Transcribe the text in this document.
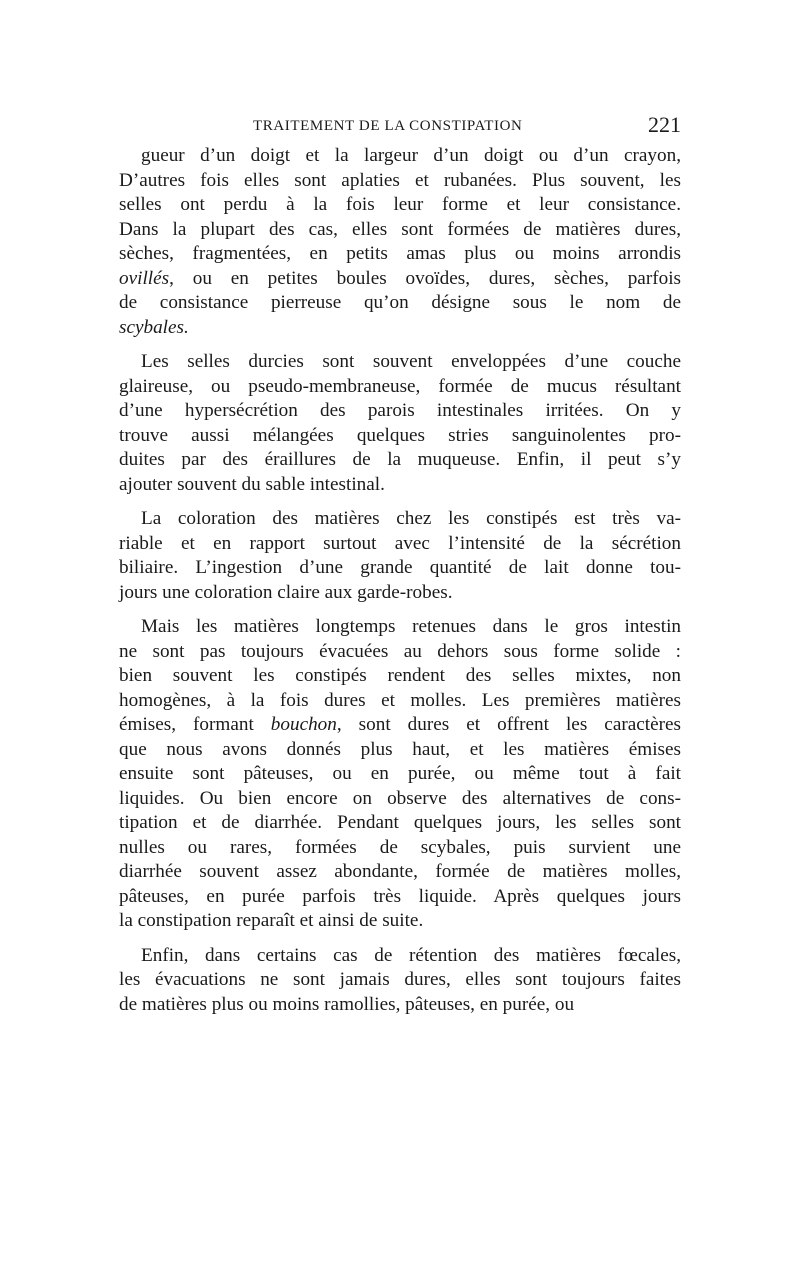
TRAITEMENT DE LA CONSTIPATION	221
gueur d’un doigt et la largeur d’un doigt ou d’un crayon,
D’autres fois elles sont aplaties et rubanées. Plus souvent, les
selles ont perdu à la fois leur forme et leur consistance.
Dans la plupart des cas, elles sont formées de matières dures,
sèches, fragmentées, en petits amas plus ou moins arrondis
ovillés, ou en petites boules ovoïdes, dures, sèches, parfois
de consistance pierreuse qu’on désigne sous le nom de
scybales.
Les selles durcies sont souvent enveloppées d’une couche
glaireuse, ou pseudo-membraneuse, formée de mucus résultant
d’une hypersécrétion des parois intestinales irritées. On y
trouve aussi mélangées quelques stries sanguinolentes pro-
duites par des éraillures de la muqueuse. Enfin, il peut s’y
ajouter souvent du sable intestinal.
La coloration des matières chez les constipés est très va-
riable et en rapport surtout avec l’intensité de la sécrétion
biliaire. L’ingestion d’une grande quantité de lait donne tou-
jours une coloration claire aux garde-robes.
Mais les matières longtemps retenues dans le gros intestin
ne sont pas toujours évacuées au dehors sous forme solide :
bien souvent les constipés rendent des selles mixtes, non
homogènes, à la fois dures et molles. Les premières matières
émises, formant bouchon, sont dures et offrent les caractères
que nous avons donnés plus haut, et les matières émises
ensuite sont pâteuses, ou en purée, ou même tout à fait
liquides. Ou bien encore on observe des alternatives de cons-
tipation et de diarrhée. Pendant quelques jours, les selles sont
nulles ou rares, formées de scybales, puis survient une
diarrhée souvent assez abondante, formée de matières molles,
pâteuses, en purée parfois très liquide. Après quelques jours
la constipation reparaît et ainsi de suite.
Enfin, dans certains cas de rétention des matières fœcales,
les évacuations ne sont jamais dures, elles sont toujours faites
de matières plus ou moins ramollies, pâteuses, en purée, ou
